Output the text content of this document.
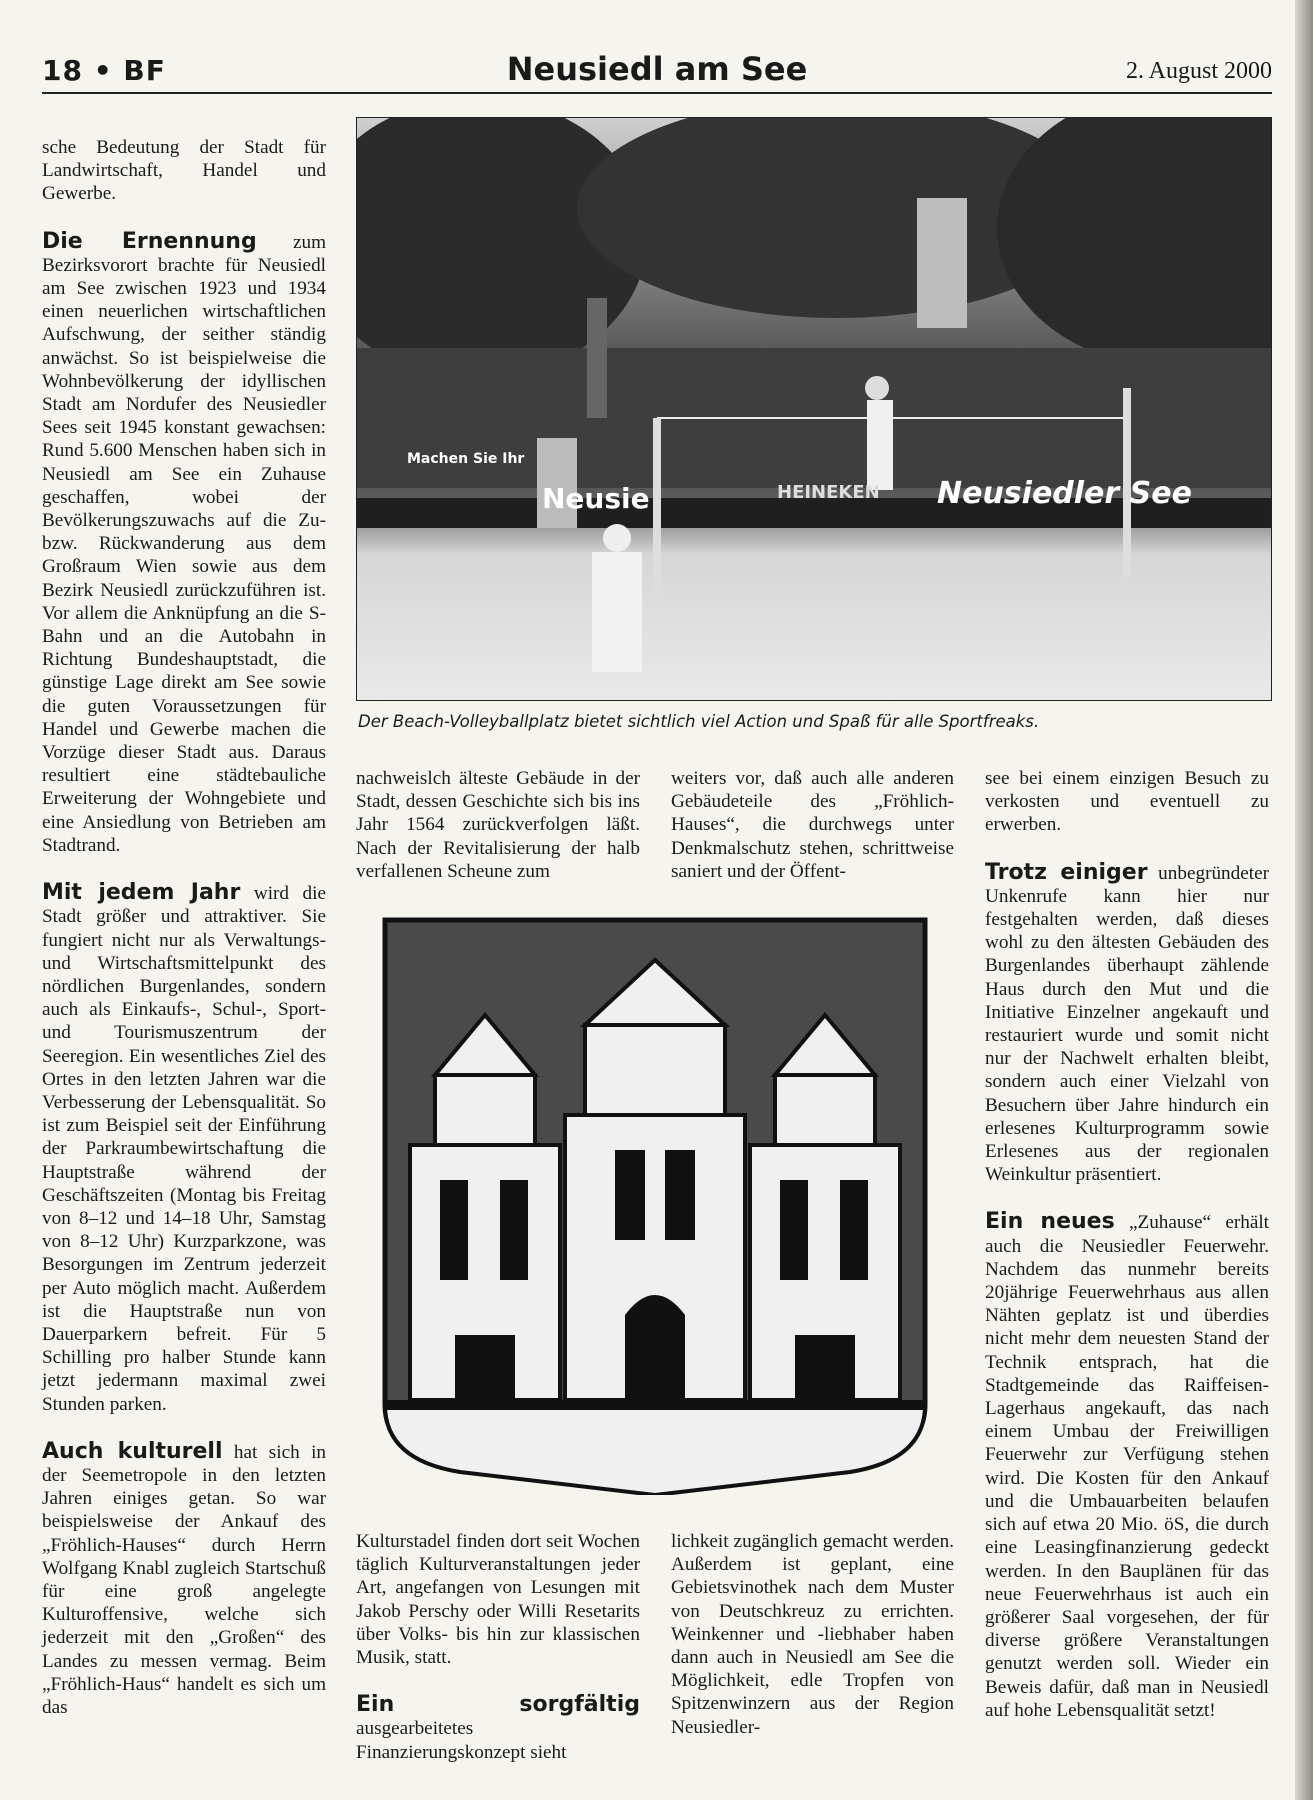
18 • BF	Neusiedl am See	2. August 2000

sche Bedeutung der Stadt für Landwirtschaft, Handel und Gewerbe.

Die Ernennung zum Bezirksvorort brachte für Neusiedl am See zwischen 1923 und 1934 einen neuerlichen wirtschaftlichen Aufschwung, der seither ständig anwächst. So ist beispielweise die Wohnbevölkerung der idyllischen Stadt am Nordufer des Neusiedler Sees seit 1945 konstant gewachsen: Rund 5.600 Menschen haben sich in Neusiedl am See ein Zuhause geschaffen, wobei der Bevölkerungszuwachs auf die Zu- bzw. Rückwanderung aus dem Großraum Wien sowie aus dem Bezirk Neusiedl zurückzuführen ist. Vor allem die Anknüpfung an die S-Bahn und an die Autobahn in Richtung Bundeshauptstadt, die günstige Lage direkt am See sowie die guten Voraussetzungen für Handel und Gewerbe machen die Vorzüge dieser Stadt aus. Daraus resultiert eine städtebauliche Erweiterung der Wohngebiete und eine Ansiedlung von Betrieben am Stadtrand.

Mit jedem Jahr wird die Stadt größer und attraktiver. Sie fungiert nicht nur als Verwaltungs- und Wirtschaftsmittelpunkt des nördlichen Burgenlandes, sondern auch als Einkaufs-, Schul-, Sport- und Tourismuszentrum der Seeregion. Ein wesentliches Ziel des Ortes in den letzten Jahren war die Verbesserung der Lebensqualität. So ist zum Beispiel seit der Einführung der Parkraumbewirtschaftung die Hauptstraße während der Geschäftszeiten (Montag bis Freitag von 8–12 und 14–18 Uhr, Samstag von 8–12 Uhr) Kurzparkzone, was Besorgungen im Zentrum jederzeit per Auto möglich macht. Außerdem ist die Hauptstraße nun von Dauerparkern befreit. Für 5 Schilling pro halber Stunde kann jetzt jedermann maximal zwei Stunden parken.

Auch kulturell hat sich in der Seemetropole in den letzten Jahren einiges getan. So war beispielsweise der Ankauf des „Fröhlich-Hauses“ durch Herrn Wolfgang Knabl zugleich Startschuß für eine groß angelegte Kulturoffensive, welche sich jederzeit mit den „Großen“ des Landes zu messen vermag. Beim „Fröhlich-Haus“ handelt es sich um das

Neusie	HEINEKEN Neusiedler See
Machen Sie Ihr
Der Beach-Volleyballplatz bietet sichtlich viel Action und Spaß für alle Sportfreaks.
nachweislch älteste Gebäude in der Stadt, dessen Geschichte sich bis ins Jahr 1564 zurückverfolgen läßt. Nach der Revitalisierung der halb verfallenen Scheune zum
weiters vor, daß auch alle anderen Gebäudeteile des „Fröhlich-Hauses“, die durchwegs unter Denkmalschutz stehen, schrittweise saniert und der Öffent-

Kulturstadel finden dort seit Wochen täglich Kulturveranstaltungen jeder Art, angefangen von Lesungen mit Jakob Perschy oder Willi Resetarits über Volks- bis hin zur klassischen Musik, statt.

Ein sorgfältig ausgearbeitetes Finanzierungskonzept sieht

lichkeit zugänglich gemacht werden. Außerdem ist geplant, eine Gebietsvinothek nach dem Muster von Deutschkreuz zu errichten. Weinkenner und -liebhaber haben dann auch in Neusiedl am See die Möglichkeit, edle Tropfen von Spitzenwinzern aus der Region Neusiedler-

see bei einem einzigen Besuch zu verkosten und eventuell zu erwerben.

Trotz einiger unbegründeter Unkenrufe kann hier nur festgehalten werden, daß dieses wohl zu den ältesten Gebäuden des Burgenlandes überhaupt zählende Haus durch den Mut und die Initiative Einzelner angekauft und restauriert wurde und somit nicht nur der Nachwelt erhalten bleibt, sondern auch einer Vielzahl von Besuchern über Jahre hindurch ein erlesenes Kulturprogramm sowie Erlesenes aus der regionalen Weinkultur präsentiert.

Ein neues „Zuhause“ erhält auch die Neusiedler Feuerwehr. Nachdem das nunmehr bereits 20jährige Feuerwehrhaus aus allen Nähten geplatz ist und überdies nicht mehr dem neuesten Stand der Technik entsprach, hat die Stadtgemeinde das Raiffeisen-Lagerhaus angekauft, das nach einem Umbau der Freiwilligen Feuerwehr zur Verfügung stehen wird. Die Kosten für den Ankauf und die Umbauarbeiten belaufen sich auf etwa 20 Mio. öS, die durch eine Leasingfinanzierung gedeckt werden. In den Bauplänen für das neue Feuerwehrhaus ist auch ein größerer Saal vorgesehen, der für diverse größere Veranstaltungen genutzt werden soll. Wieder ein Beweis dafür, daß man in Neusiedl auf hohe Lebensqualität setzt!
